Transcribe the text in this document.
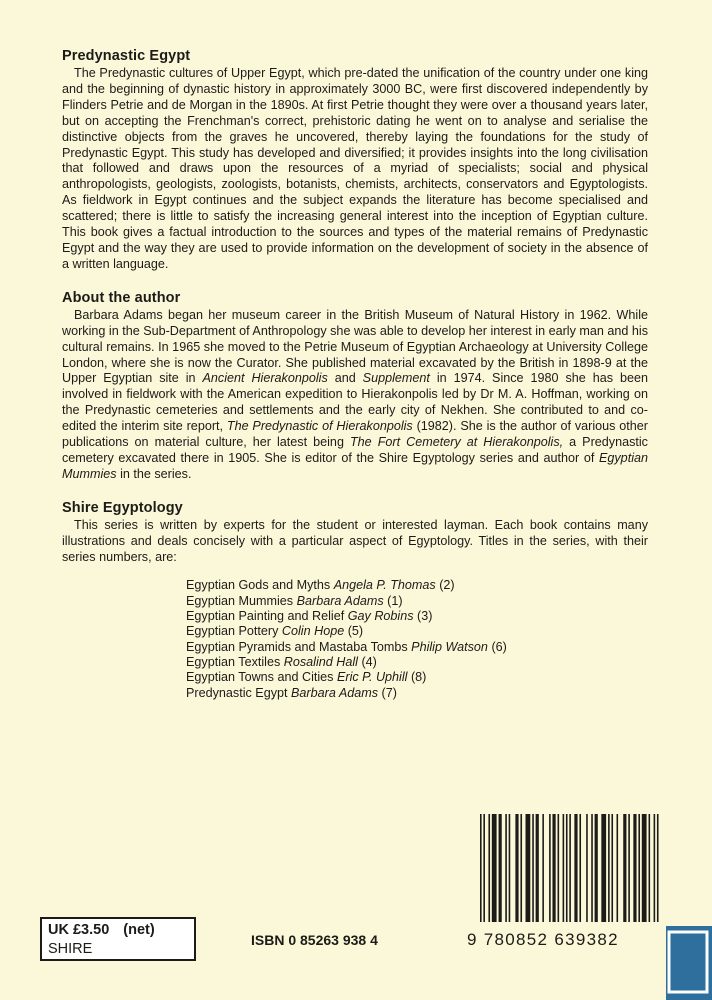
Predynastic Egypt

The Predynastic cultures of Upper Egypt, which pre-dated the unification of the country under one king and the beginning of dynastic history in approximately 3000 BC, were first discovered independently by Flinders Petrie and de Morgan in the 1890s. At first Petrie thought they were over a thousand years later, but on accepting the Frenchman's correct, prehistoric dating he went on to analyse and serialise the distinctive objects from the graves he uncovered, thereby laying the foundations for the study of Predynastic Egypt. This study has developed and diversified; it provides insights into the long civilisation that followed and draws upon the resources of a myriad of specialists; social and physical anthropologists, geologists, zoologists, botanists, chemists, architects, conservators and Egyptologists. As fieldwork in Egypt continues and the subject expands the literature has become specialised and scattered; there is little to satisfy the increasing general interest into the inception of Egyptian culture. This book gives a factual introduction to the sources and types of the material remains of Predynastic Egypt and the way they are used to provide information on the development of society in the absence of a written language.

About the author

Barbara Adams began her museum career in the British Museum of Natural History in 1962. While working in the Sub-Department of Anthropology she was able to develop her interest in early man and his cultural remains. In 1965 she moved to the Petrie Museum of Egyptian Archaeology at University College London, where she is now the Curator. She published material excavated by the British in 1898-9 at the Upper Egyptian site in Ancient Hierakonpolis and Supplement in 1974. Since 1980 she has been involved in fieldwork with the American expedition to Hierakonpolis led by Dr M. A. Hoffman, working on the Predynastic cemeteries and settlements and the early city of Nekhen. She contributed to and co-edited the interim site report, The Predynastic of Hierakonpolis (1982). She is the author of various other publications on material culture, her latest being The Fort Cemetery at Hierakonpolis, a Predynastic cemetery excavated there in 1905. She is editor of the Shire Egyptology series and author of Egyptian Mummies in the series.

Shire Egyptology

This series is written by experts for the student or interested layman. Each book contains many illustrations and deals concisely with a particular aspect of Egyptology. Titles in the series, with their series numbers, are:

Egyptian Gods and Myths Angela P. Thomas (2)
Egyptian Mummies Barbara Adams (1)
Egyptian Painting and Relief Gay Robins (3)
Egyptian Pottery Colin Hope (5)
Egyptian Pyramids and Mastaba Tombs Philip Watson (6)
Egyptian Textiles Rosalind Hall (4)
Egyptian Towns and Cities Eric P. Uphill (8)
Predynastic Egypt Barbara Adams (7)
9 780852 639382
ISBN 0 85263 938 4
UK £3.50 (net)
SHIRE
